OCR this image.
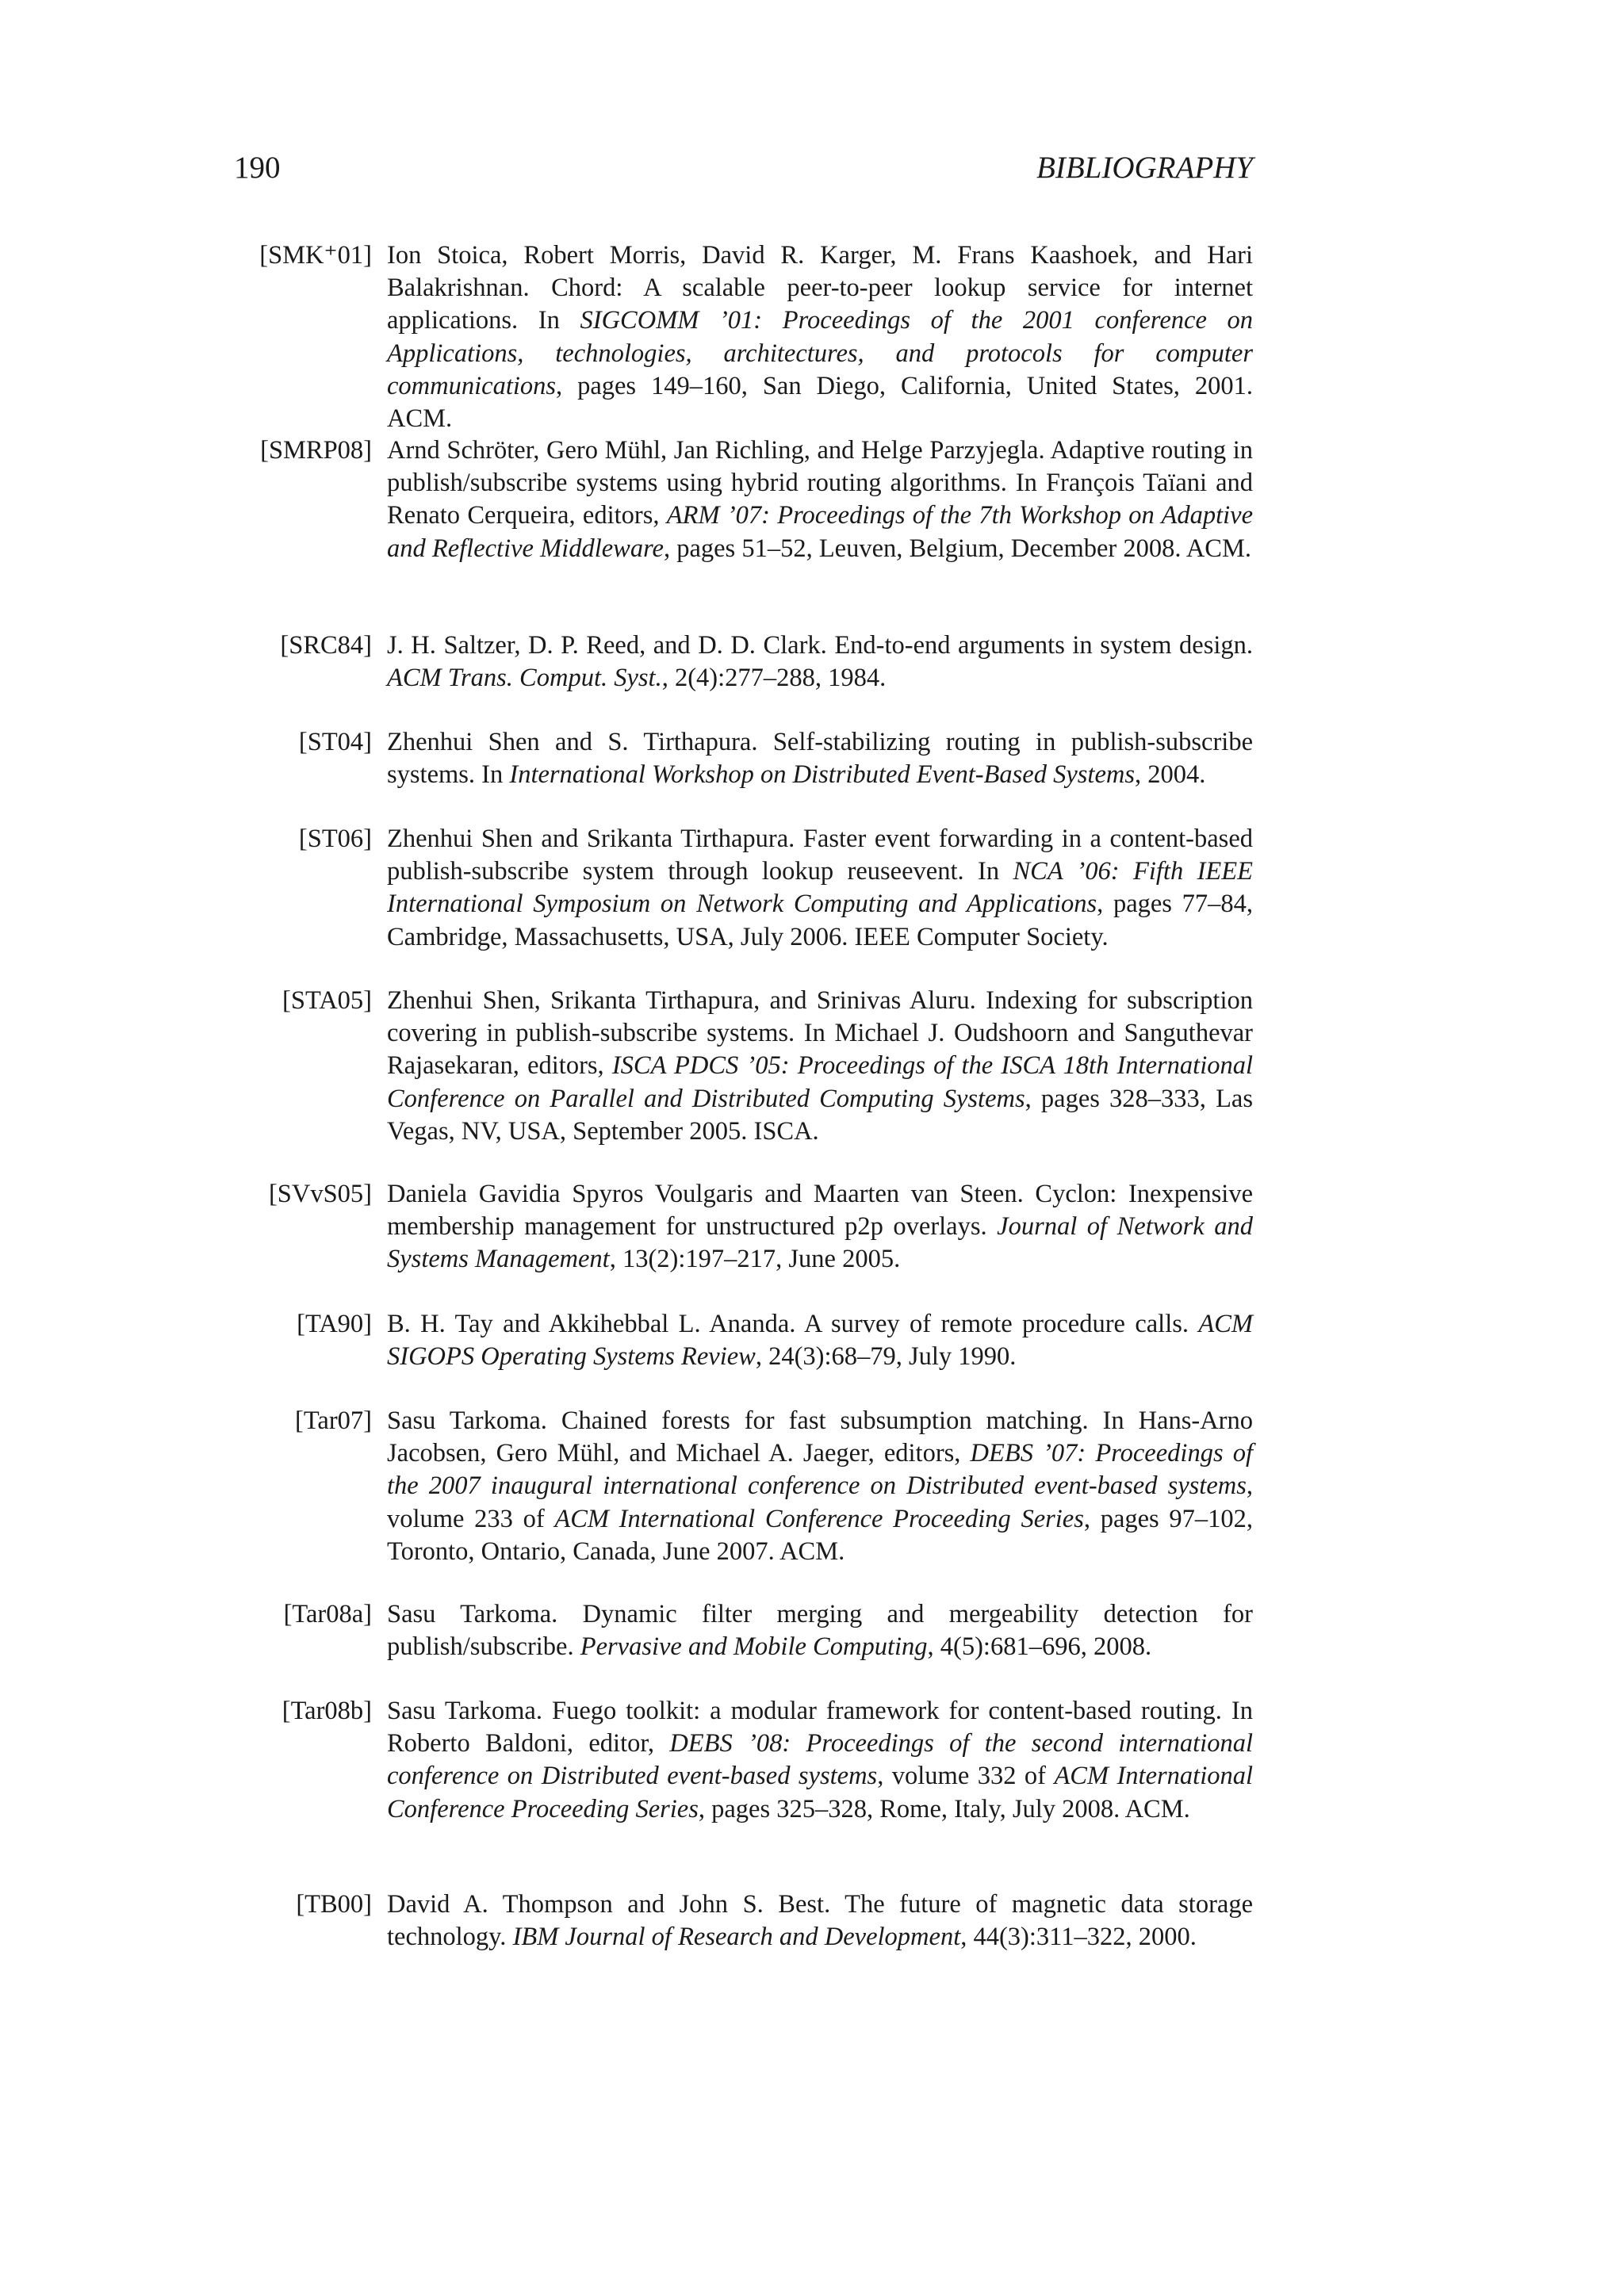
190	BIBLIOGRAPHY
[SMK⁺01] Ion Stoica, Robert Morris, David R. Karger, M. Frans Kaashoek, and Hari Balakrishnan. Chord: A scalable peer-to-peer lookup service for internet applications. In SIGCOMM ’01: Proceedings of the 2001 conference on Applications, technologies, architectures, and protocols for computer communications, pages 149–160, San Diego, California, United States, 2001. ACM.
[SMRP08] Arnd Schröter, Gero Mühl, Jan Richling, and Helge Parzyjegla. Adaptive routing in publish/subscribe systems using hybrid routing algorithms. In François Taïani and Renato Cerqueira, editors, ARM ’07: Proceedings of the 7th Workshop on Adaptive and Reflective Middleware, pages 51–52, Leuven, Belgium, December 2008. ACM.
[SRC84] J. H. Saltzer, D. P. Reed, and D. D. Clark. End-to-end arguments in system design. ACM Trans. Comput. Syst., 2(4):277–288, 1984.
[ST04] Zhenhui Shen and S. Tirthapura. Self-stabilizing routing in publish-subscribe systems. In International Workshop on Distributed Event-Based Systems, 2004.
[ST06] Zhenhui Shen and Srikanta Tirthapura. Faster event forwarding in a content-based publish-subscribe system through lookup reuseevent. In NCA ’06: Fifth IEEE International Symposium on Network Computing and Applications, pages 77–84, Cambridge, Massachusetts, USA, July 2006. IEEE Computer Society.
[STA05] Zhenhui Shen, Srikanta Tirthapura, and Srinivas Aluru. Indexing for subscription covering in publish-subscribe systems. In Michael J. Oudshoorn and Sanguthevar Rajasekaran, editors, ISCA PDCS ’05: Proceedings of the ISCA 18th International Conference on Parallel and Distributed Computing Systems, pages 328–333, Las Vegas, NV, USA, September 2005. ISCA.
[SVvS05] Daniela Gavidia Spyros Voulgaris and Maarten van Steen. Cyclon: Inexpensive membership management for unstructured p2p overlays. Journal of Network and Systems Management, 13(2):197–217, June 2005.
[TA90] B. H. Tay and Akkihebbal L. Ananda. A survey of remote procedure calls. ACM SIGOPS Operating Systems Review, 24(3):68–79, July 1990.
[Tar07] Sasu Tarkoma. Chained forests for fast subsumption matching. In Hans-Arno Jacobsen, Gero Mühl, and Michael A. Jaeger, editors, DEBS ’07: Proceedings of the 2007 inaugural international conference on Distributed event-based systems, volume 233 of ACM International Conference Proceeding Series, pages 97–102, Toronto, Ontario, Canada, June 2007. ACM.
[Tar08a] Sasu Tarkoma. Dynamic filter merging and mergeability detection for publish/subscribe. Pervasive and Mobile Computing, 4(5):681–696, 2008.
[Tar08b] Sasu Tarkoma. Fuego toolkit: a modular framework for content-based routing. In Roberto Baldoni, editor, DEBS ’08: Proceedings of the second international conference on Distributed event-based systems, volume 332 of ACM International Conference Proceeding Series, pages 325–328, Rome, Italy, July 2008. ACM.
[TB00] David A. Thompson and John S. Best. The future of magnetic data storage technology. IBM Journal of Research and Development, 44(3):311–322, 2000.
